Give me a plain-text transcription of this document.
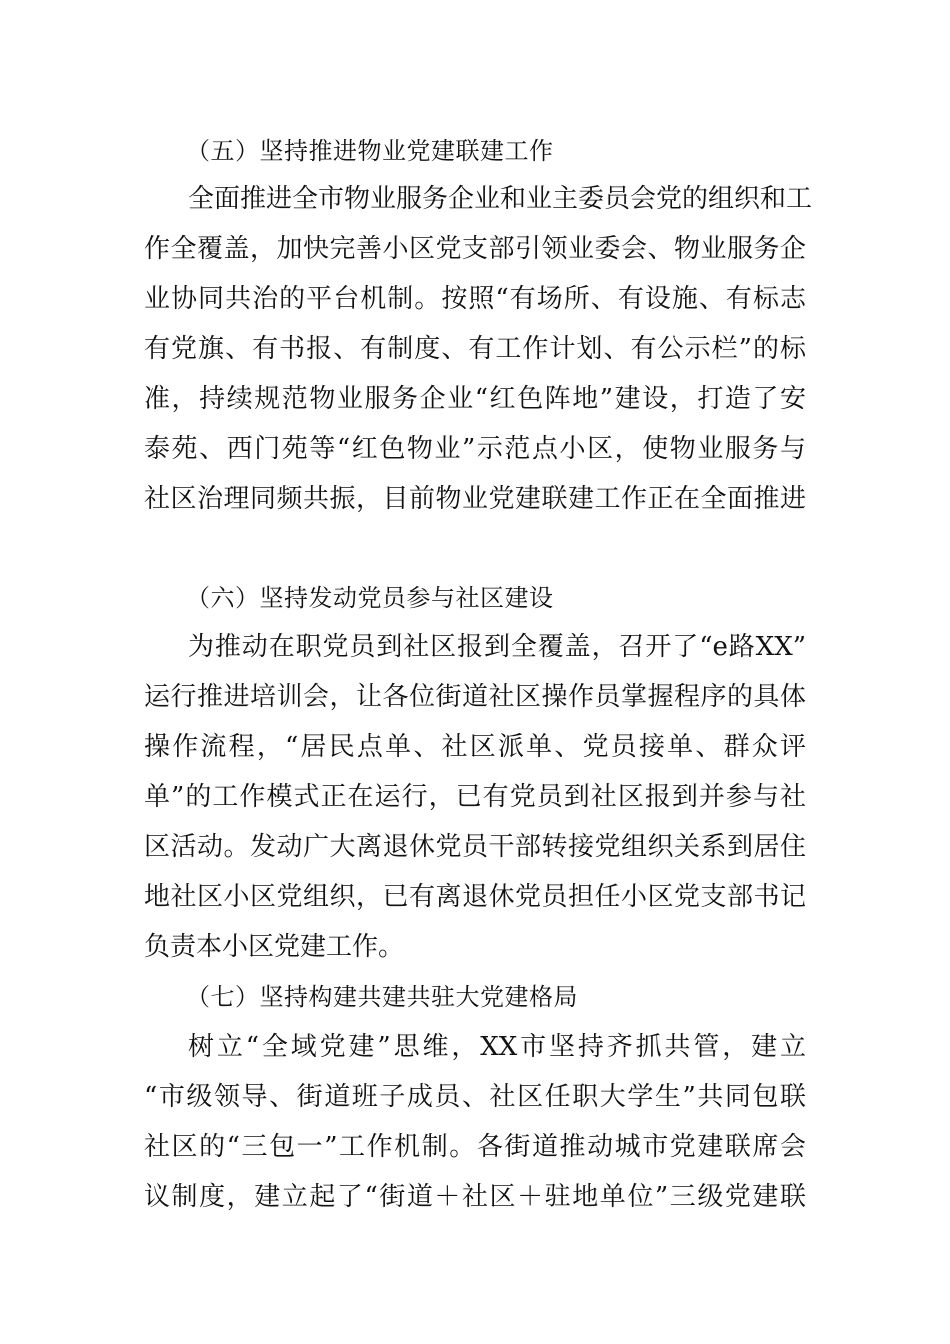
（五）坚持推进物业党建联建工作
全面推进全市物业服务企业和业主委员会党的组织和工
作全覆盖，加快完善小区党支部引领业委会、物业服务企
业协同共治的平台机制。按照“有场所、有设施、有标志
有党旗、有书报、有制度、有工作计划、有公示栏”的标
准，持续规范物业服务企业“红色阵地”建设，打造了安
泰苑、西门苑等“红色物业”示范点小区，使物业服务与
社区治理同频共振，目前物业党建联建工作正在全面推进
（六）坚持发动党员参与社区建设
为推动在职党员到社区报到全覆盖，召开了“e路XX”
运行推进培训会，让各位街道社区操作员掌握程序的具体
操作流程，“居民点单、社区派单、党员接单、群众评
单”的工作模式正在运行，已有党员到社区报到并参与社
区活动。发动广大离退休党员干部转接党组织关系到居住
地社区小区党组织，已有离退休党员担任小区党支部书记
负责本小区党建工作。
（七）坚持构建共建共驻大党建格局
树立“全域党建”思维，XX市坚持齐抓共管，建立
“市级领导、街道班子成员、社区任职大学生”共同包联
社区的“三包一”工作机制。各街道推动城市党建联席会
议制度，建立起了“街道＋社区＋驻地单位”三级党建联
